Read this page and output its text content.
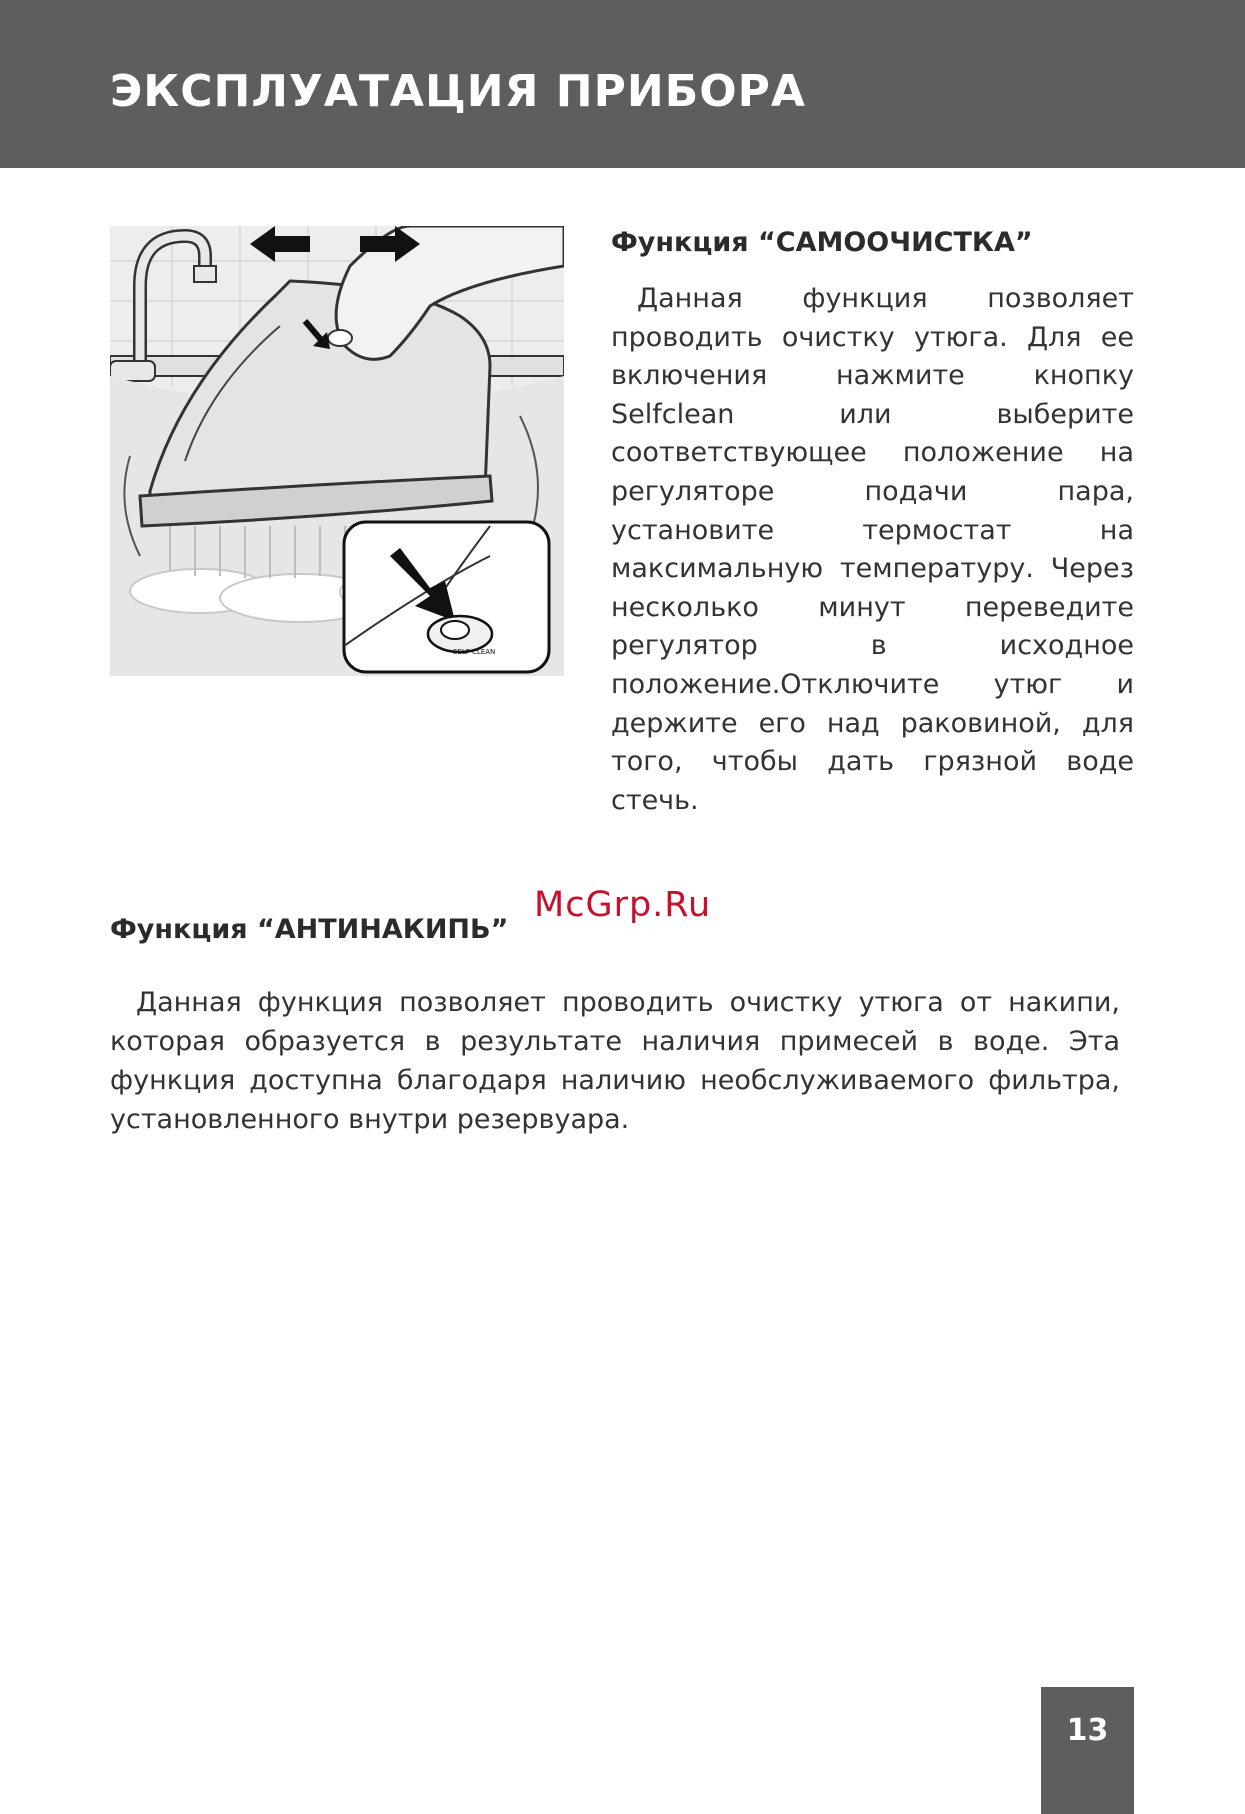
ЭКСПЛУАТАЦИЯ ПРИБОРА
SELF CLEAN
Функция “САМООЧИСТКА”

Данная функция позволяет проводить очистку утюга. Для ее включения нажмите кнопку Selfclean или выберите соответствующее положение на регуляторе подачи пара, установите термостат на максимальную температуру. Через несколько минут переведите регулятор в исходное положение.Отключите утюг и держите его над раковиной, для того, чтобы дать грязной воде стечь.

McGrp.Ru
Функция “АНТИНАКИПЬ”

Данная функция позволяет проводить очистку утюга от накипи, которая образуется в результате наличия примесей в воде. Эта функция доступна благодаря наличию необслуживаемого фильтра, установленного внутри резервуара.

13
